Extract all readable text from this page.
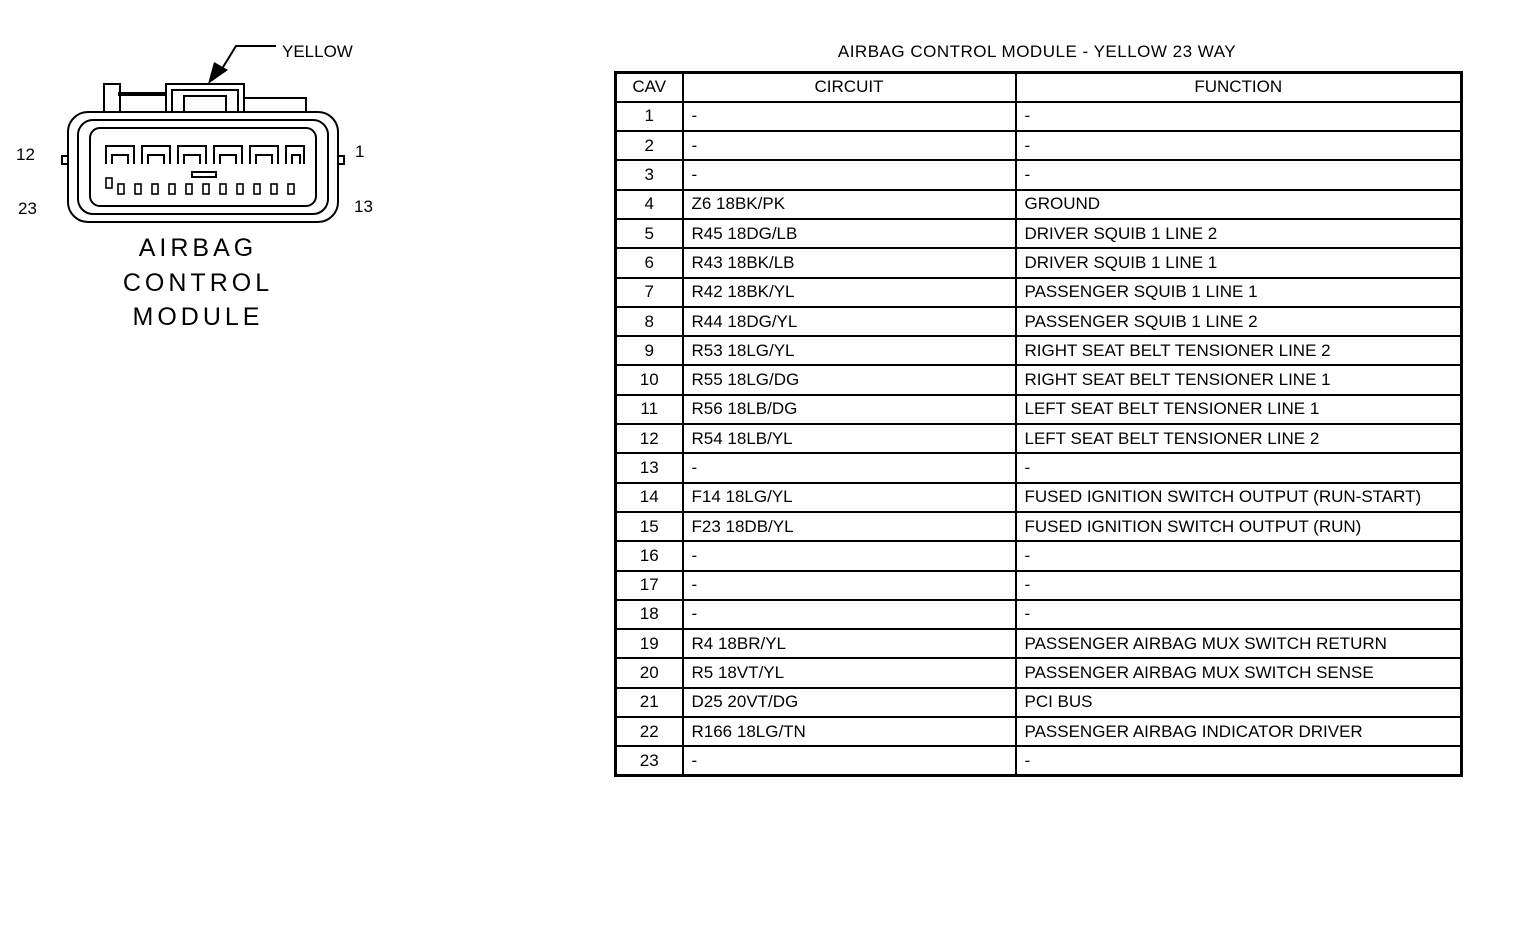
YELLOW
12	1
23	13
AIRBAG
CONTROL
MODULE
AIRBAG CONTROL MODULE - YELLOW 23 WAY
CAV	CIRCUIT	FUNCTION
1	-	-
2	-	-
3	-	-
4	Z6 18BK/PK	GROUND
5	R45 18DG/LB	DRIVER SQUIB 1 LINE 2
6	R43 18BK/LB	DRIVER SQUIB 1 LINE 1
7	R42 18BK/YL	PASSENGER SQUIB 1 LINE 1
8	R44 18DG/YL	PASSENGER SQUIB 1 LINE 2
9	R53 18LG/YL	RIGHT SEAT BELT TENSIONER LINE 2
10	R55 18LG/DG	RIGHT SEAT BELT TENSIONER LINE 1
11	R56 18LB/DG	LEFT SEAT BELT TENSIONER LINE 1
12	R54 18LB/YL	LEFT SEAT BELT TENSIONER LINE 2
13	-	-
14	F14 18LG/YL	FUSED IGNITION SWITCH OUTPUT (RUN-START)
15	F23 18DB/YL	FUSED IGNITION SWITCH OUTPUT (RUN)
16	-	-
17	-	-
18	-	-
19	R4 18BR/YL	PASSENGER AIRBAG MUX SWITCH RETURN
20	R5 18VT/YL	PASSENGER AIRBAG MUX SWITCH SENSE
21	D25 20VT/DG	PCI BUS
22	R166 18LG/TN	PASSENGER AIRBAG INDICATOR DRIVER
23	-	-
